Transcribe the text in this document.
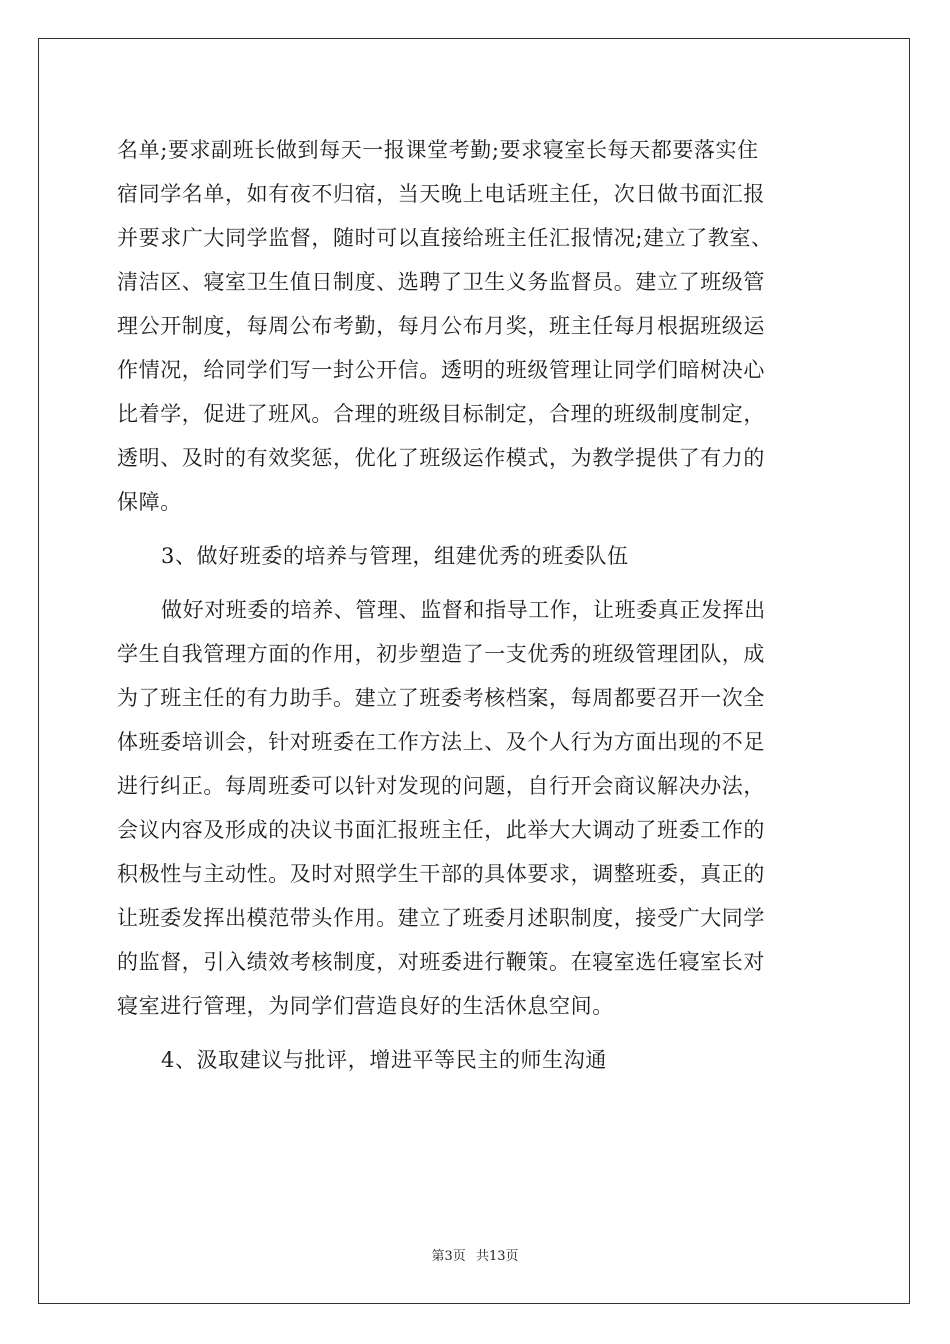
名单;要求副班长做到每天一报课堂考勤;要求寝室长每天都要落实住
宿同学名单，如有夜不归宿，当天晚上电话班主任，次日做书面汇报
并要求广大同学监督，随时可以直接给班主任汇报情况;建立了教室、
清洁区、寝室卫生值日制度、选聘了卫生义务监督员。建立了班级管
理公开制度，每周公布考勤，每月公布月奖，班主任每月根据班级运
作情况，给同学们写一封公开信。透明的班级管理让同学们暗树决心
比着学，促进了班风。合理的班级目标制定，合理的班级制度制定，
透明、及时的有效奖惩，优化了班级运作模式，为教学提供了有力的
保障。
3、做好班委的培养与管理，组建优秀的班委队伍
做好对班委的培养、管理、监督和指导工作，让班委真正发挥出
学生自我管理方面的作用，初步塑造了一支优秀的班级管理团队，成
为了班主任的有力助手。建立了班委考核档案，每周都要召开一次全
体班委培训会，针对班委在工作方法上、及个人行为方面出现的不足
进行纠正。每周班委可以针对发现的问题，自行开会商议解决办法，
会议内容及形成的决议书面汇报班主任，此举大大调动了班委工作的
积极性与主动性。及时对照学生干部的具体要求，调整班委，真正的
让班委发挥出模范带头作用。建立了班委月述职制度，接受广大同学
的监督，引入绩效考核制度，对班委进行鞭策。在寝室选任寝室长对
寝室进行管理，为同学们营造良好的生活休息空间。
4、汲取建议与批评，增进平等民主的师生沟通
第3页 共13页
